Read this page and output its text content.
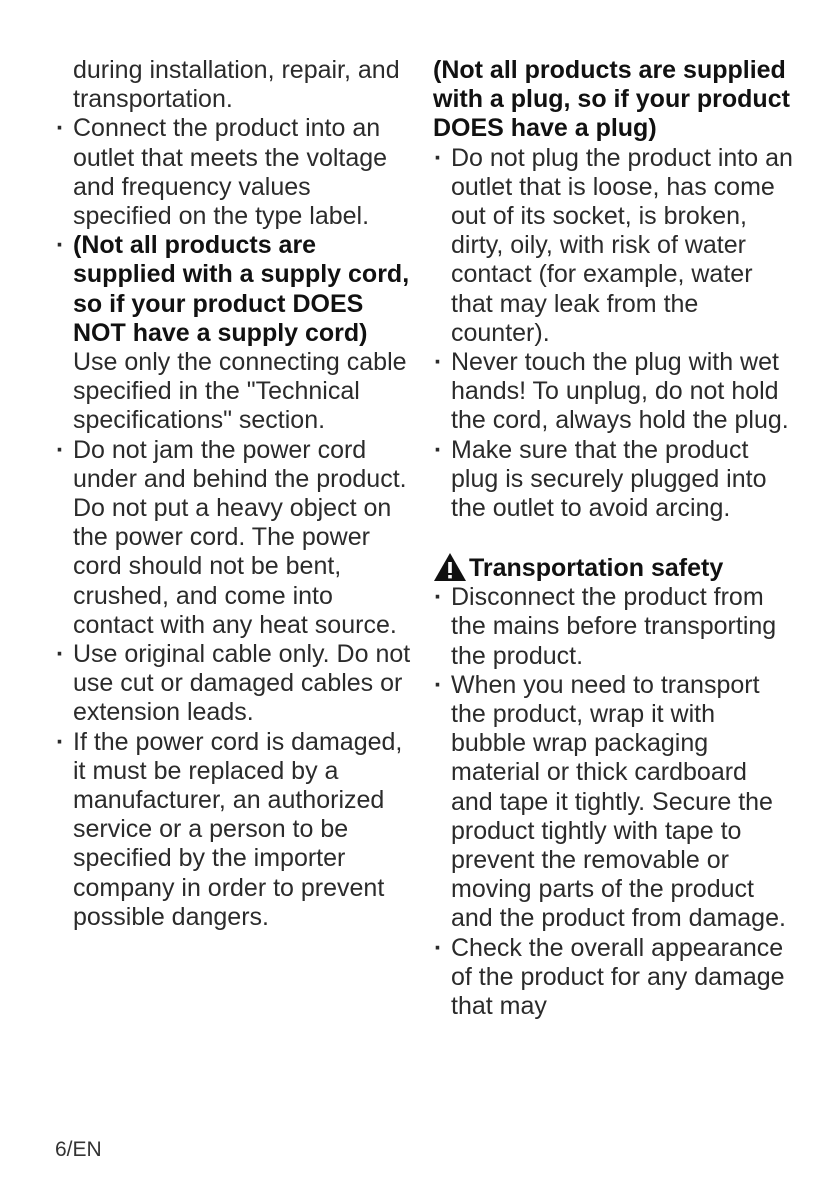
during installation, repair, and transportation.
· Connect the product into an outlet that meets the voltage and frequency values specified on the type label.
· (Not all products are supplied with a supply cord, so if your product DOES NOT have a supply cord) Use only the connecting cable specified in the "Technical specifications" section.
· Do not jam the power cord under and behind the product. Do not put a heavy object on the power cord. The power cord should not be bent, crushed, and come into contact with any heat source.
· Use original cable only. Do not use cut or damaged cables or extension leads.
· If the power cord is damaged, it must be replaced by a manufacturer, an authorized service or a person to be specified by the importer company in order to prevent possible dangers.
(Not all products are supplied with a plug, so if your product DOES have a plug)
· Do not plug the product into an outlet that is loose, has come out of its socket, is broken, dirty, oily, with risk of water contact (for example, water that may leak from the counter).
· Never touch the plug with wet hands! To unplug, do not hold the cord, always hold the plug.
· Make sure that the product plug is securely plugged into the outlet to avoid arcing.
Transportation safety
· Disconnect the product from the mains before transporting the product.
· When you need to transport the product, wrap it with bubble wrap packaging material or thick cardboard and tape it tightly. Secure the product tightly with tape to prevent the removable or moving parts of the product and the product from damage.
· Check the overall appearance of the product for any damage that may
6/EN
